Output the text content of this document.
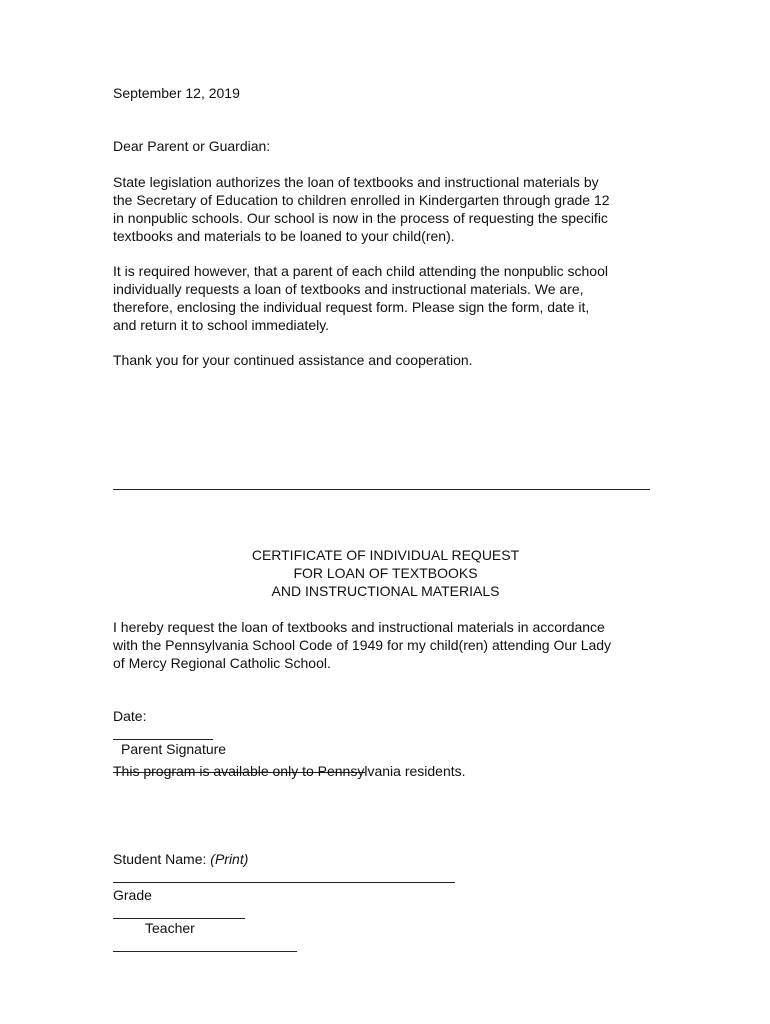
September 12, 2019

Dear Parent or Guardian:

State legislation authorizes the loan of textbooks and instructional materials by
the Secretary of Education to children enrolled in Kindergarten through grade 12
in nonpublic schools. Our school is now in the process of requesting the specific
textbooks and materials to be loaned to your child(ren).
It is required however, that a parent of each child attending the nonpublic school
individually requests a loan of textbooks and instructional materials. We are,
therefore, enclosing the individual request form. Please sign the form, date it,
and return it to school immediately.

Thank you for your continued assistance and cooperation.

CERTIFICATE OF INDIVIDUAL REQUEST
FOR LOAN OF TEXTBOOKS
AND INSTRUCTIONAL MATERIALS
I hereby request the loan of textbooks and instructional materials in accordance
with the Pennsylvania School Code of 1949 for my child(ren) attending Our Lady
of Mercy Regional Catholic School.
Date:
Parent Signature

This program is available only to Pennsylvania residents.

Student Name: (Print)
Grade
Teacher
